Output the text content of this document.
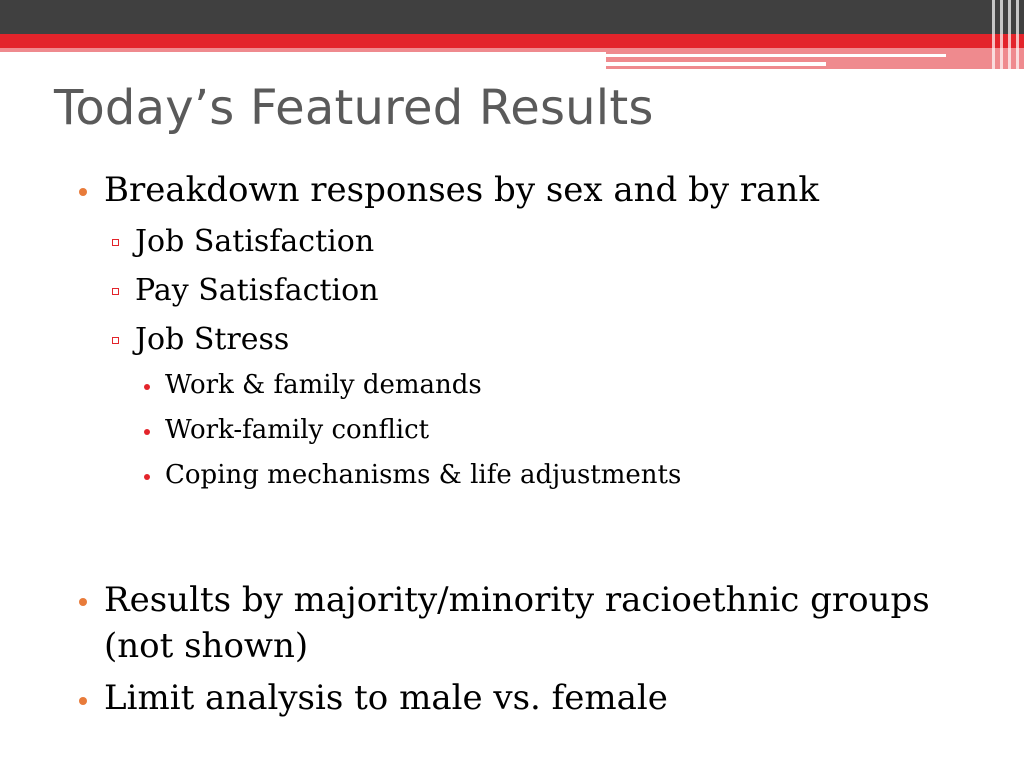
Today’s Featured Results
Breakdown responses by sex and by rank
Job Satisfaction
Pay Satisfaction
Job Stress
Work & family demands
Work-family conflict
Coping mechanisms & life adjustments
Results by majority/minority racioethnic groups
(not shown)
Limit analysis to male vs. female
